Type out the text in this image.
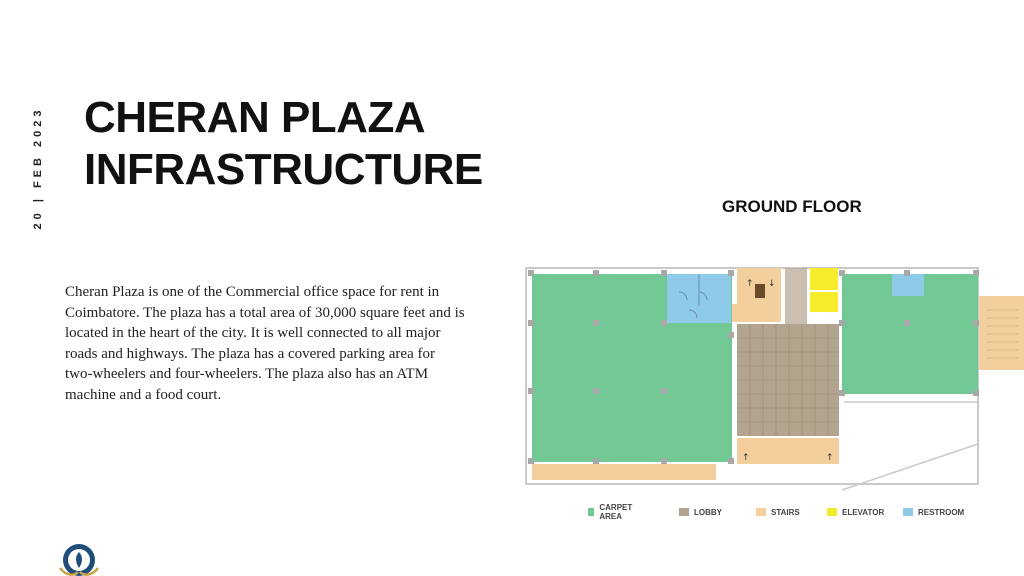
20 | FEB 2023 CHERAN PLAZA
INFRASTRUCTURE
GROUND FLOOR

Cheran Plaza is one of the Commercial office space for rent in Coimbatore. The plaza has a total area of 30,000 square feet and is located in the heart of the city. It is well connected to all major roads and highways. The plaza has a covered parking area for two-wheelers and four-wheelers. The plaza also has an ATM machine and a food court.

↑ ↓
↑	↑
CARPET AREA	LOBBY	STAIRS	ELEVATOR	RESTROOM
